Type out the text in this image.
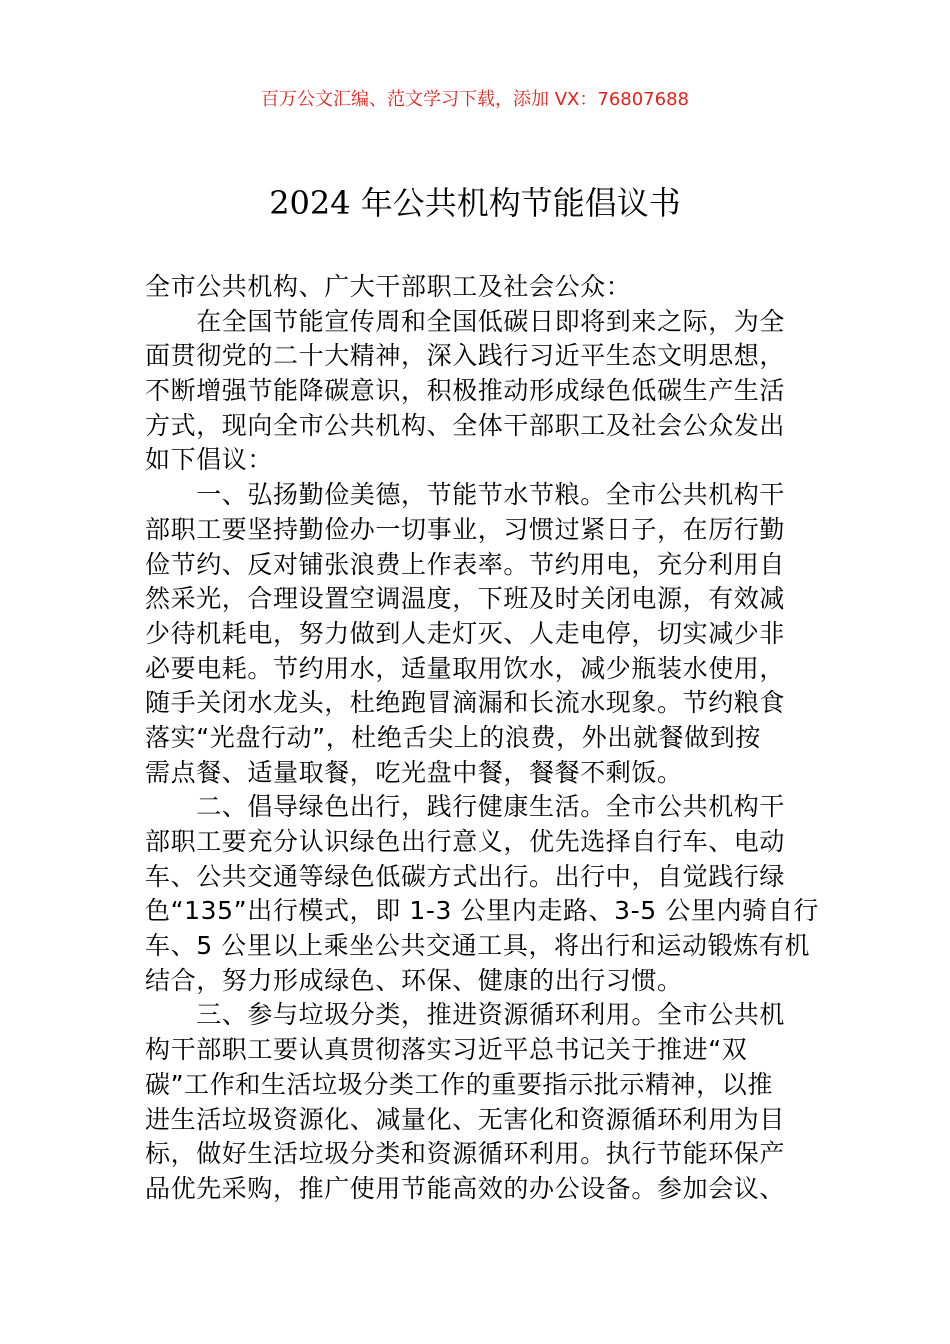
百万公文汇编、范文学习下载，添加 VX：76807688
2024 年公共机构节能倡议书
全市公共机构、广大干部职工及社会公众：
　　在全国节能宣传周和全国低碳日即将到来之际，为全
面贯彻党的二十大精神，深入践行习近平生态文明思想，
不断增强节能降碳意识，积极推动形成绿色低碳生产生活
方式，现向全市公共机构、全体干部职工及社会公众发出
如下倡议：
　　一、弘扬勤俭美德，节能节水节粮。全市公共机构干
部职工要坚持勤俭办一切事业，习惯过紧日子，在厉行勤
俭节约、反对铺张浪费上作表率。节约用电，充分利用自
然采光，合理设置空调温度，下班及时关闭电源，有效减
少待机耗电，努力做到人走灯灭、人走电停，切实减少非
必要电耗。节约用水，适量取用饮水，减少瓶装水使用，
随手关闭水龙头，杜绝跑冒滴漏和长流水现象。节约粮食
落实“光盘行动”，杜绝舌尖上的浪费，外出就餐做到按
需点餐、适量取餐，吃光盘中餐，餐餐不剩饭。
　　二、倡导绿色出行，践行健康生活。全市公共机构干
部职工要充分认识绿色出行意义，优先选择自行车、电动
车、公共交通等绿色低碳方式出行。出行中，自觉践行绿
色“135”出行模式，即 1-3 公里内走路、3-5 公里内骑自行
车、5 公里以上乘坐公共交通工具，将出行和运动锻炼有机
结合，努力形成绿色、环保、健康的出行习惯。
　　三、参与垃圾分类，推进资源循环利用。全市公共机
构干部职工要认真贯彻落实习近平总书记关于推进“双
碳”工作和生活垃圾分类工作的重要指示批示精神，以推
进生活垃圾资源化、减量化、无害化和资源循环利用为目
标，做好生活垃圾分类和资源循环利用。执行节能环保产
品优先采购，推广使用节能高效的办公设备。参加会议、
